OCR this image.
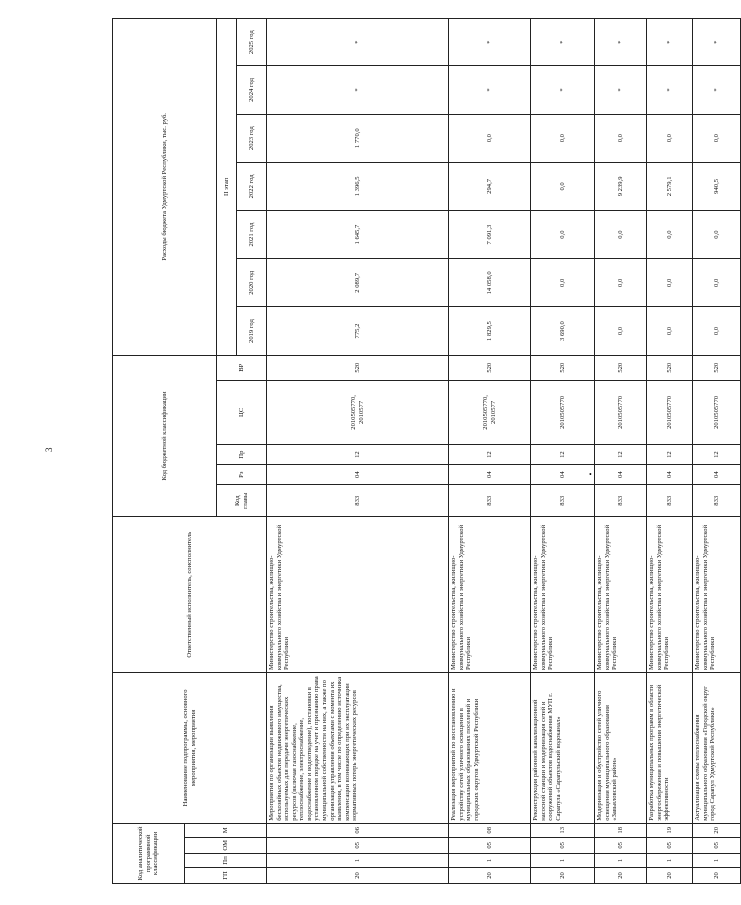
3
•
Код аналитической программной классификации				Наименование подпрограммы, основного мероприятия, мероприятия	Ответственный исполнитель, соисполнитель	Код бюджетной классификации					Расходы бюджета Удмуртской Республики, тыс. руб.						
ГП	Пп	ОМ	М														
						Код главы	Рз	Пр	ЦС	ВР	II этап						
											2019 год	2020 год	2021 год	2022 год	2023 год	2024 год	2025 год
20	1	05	06	Мероприятия по организации выявления бесхозяйных объектов недвижимого имущества, используемых для передачи энергетических ресурсов (включая газоснабжение, теплоснабжение, электроснабжение, водоснабжение и водоотведение), постановки в установленном порядке на учет и признанию права муниципальной собственности на них, а также по организации управления объектами с момента их выявления, в том числе по определению источника компенсации возникающих при их эксплуатации нормативных потерь энергетических ресурсов	Министерство строительства, жилищно-коммунального хозяйства и энергетики Удмуртской Республики	833	04	12	2010505770, 2010577	520	775,2	2 089,7	1 645,7	1 396,5	1 770,0	*	*
20	1	05	08	Реализация мероприятий по восстановлению и устройству сетей уличного освещения в муниципальных образованиях поселений и городских округов Удмуртской Республики	Министерство строительства, жилищно-коммунального хозяйства и энергетики Удмуртской Республики	833	04	12	2010505770, 2010577	520	1 829,5	14 058,0	7 091,3	294,7	0,0	*	*
20	1	05	13	Реконструкция районной канализационной насосной станции и модернизация сетей и сооружений объектов водоснабжения МУП г. Сарапула «Сарапульский водоканал»	Министерство строительства, жилищно-коммунального хозяйства и энергетики Удмуртской Республики	833	04	12	2010505770	520	3 690,0	0,0	0,0	0,0	0,0	*	*
20	1	05	18	Модернизация и обустройство сетей уличного освещения муниципального образования «Завьяловский район»	Министерство строительства, жилищно-коммунального хозяйства и энергетики Удмуртской Республики	833	04	12	2010505770	520	0,0	0,0	0,0	9 239,9	0,0	*	*
20	1	05	19	Разработка муниципальных программ в области энергосбережения и повышения энергетической эффективности	Министерство строительства, жилищно-коммунального хозяйства и энергетики Удмуртской Республики	833	04	12	2010505770	520	0,0	0,0	0,0	2 579,1	0,0	*	*
20	1	05	20	Актуализация схемы теплоснабжения муниципального образования «Городской округ город Сарапул Удмуртской Республики»	Министерство строительства, жилищно-коммунального хозяйства и энергетики Удмуртской Республики	833	04	12	2010505770	520	0,0	0,0	0,0	940,5	0,0	*	*
